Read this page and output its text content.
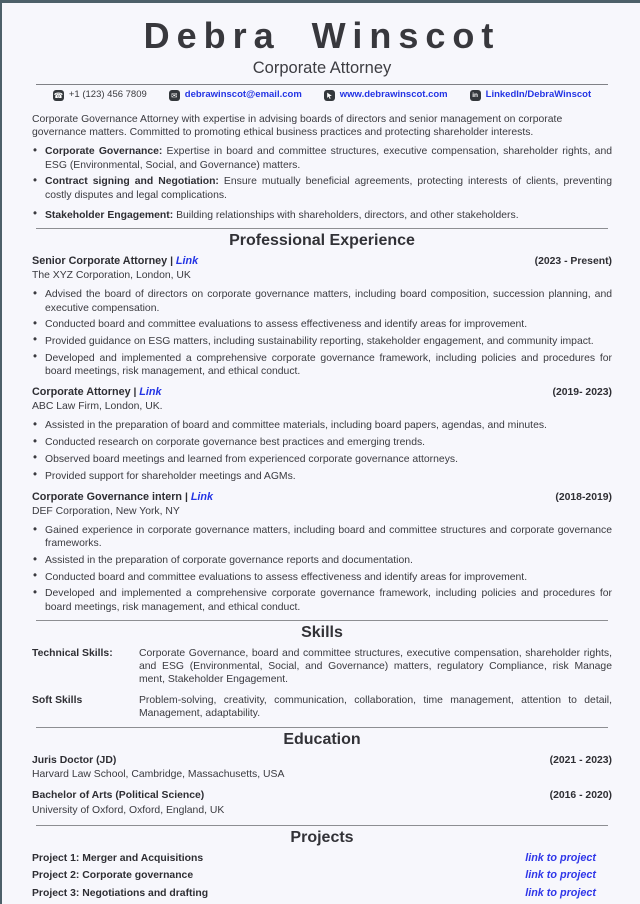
Debra Winscot
Corporate Attorney
☎ +1 (123) 456 7809	✉ debrawinscot@email.com	www.debrawinscot.com	in LinkedIn/DebraWinscot

Corporate Governance Attorney with expertise in advising boards of directors and senior management on corporate governance matters. Committed to promoting ethical business practices and protecting shareholder interests.

• Corporate Governance: Expertise in board and committee structures, executive compensation, shareholder rights, and ESG (Environmental, Social, and Governance) matters.

• Contract signing and Negotiation: Ensure mutually beneficial agreements, protecting interests of clients, preventing costly disputes and legal complications.

• Stakeholder Engagement: Building relationships with shareholders, directors, and other stakeholders.

Professional Experience
Senior Corporate Attorney | Link	(2023 - Present)
The XYZ Corporation, London, UK

• Advised the board of directors on corporate governance matters, including board composition, succession planning, and executive compensation.

• Conducted board and committee evaluations to assess effectiveness and identify areas for improvement.

• Provided guidance on ESG matters, including sustainability reporting, stakeholder engagement, and community impact.

• Developed and implemented a comprehensive corporate governance framework, including policies and procedures for board meetings, risk management, and ethical conduct.

Corporate Attorney | Link	(2019- 2023)
ABC Law Firm, London, UK.

• Assisted in the preparation of board and committee materials, including board papers, agendas, and minutes.

• Conducted research on corporate governance best practices and emerging trends.

• Observed board meetings and learned from experienced corporate governance attorneys.

• Provided support for shareholder meetings and AGMs.

Corporate Governance intern | Link	(2018-2019)
DEF Corporation, New York, NY

• Gained experience in corporate governance matters, including board and committee structures and corporate governance frameworks.

• Assisted in the preparation of corporate governance reports and documentation.

• Conducted board and committee evaluations to assess effectiveness and identify areas for improvement.

• Developed and implemented a comprehensive corporate governance framework, including policies and procedures for board meetings, risk management, and ethical conduct.

Skills
Technical Skills:	Corporate Governance, board and committee structures, executive compensation, shareholder rights, and ESG (Environmental, Social, and Governance) matters, regulatory Compliance, risk Manage ment, Stakeholder Engagement.
Soft Skills	Problem-solving, creativity, communication, collaboration, time management, attention to detail, Management, adaptability.
Education
Juris Doctor (JD)	(2021 - 2023)
Harvard Law School, Cambridge, Massachusetts, USA
Bachelor of Arts (Political Science)	(2016 - 2020)
University of Oxford, Oxford, England, UK
Projects
Project 1: Merger and Acquisitions	link to project
Project 2: Corporate governance	link to project
Project 3: Negotiations and drafting	link to project
